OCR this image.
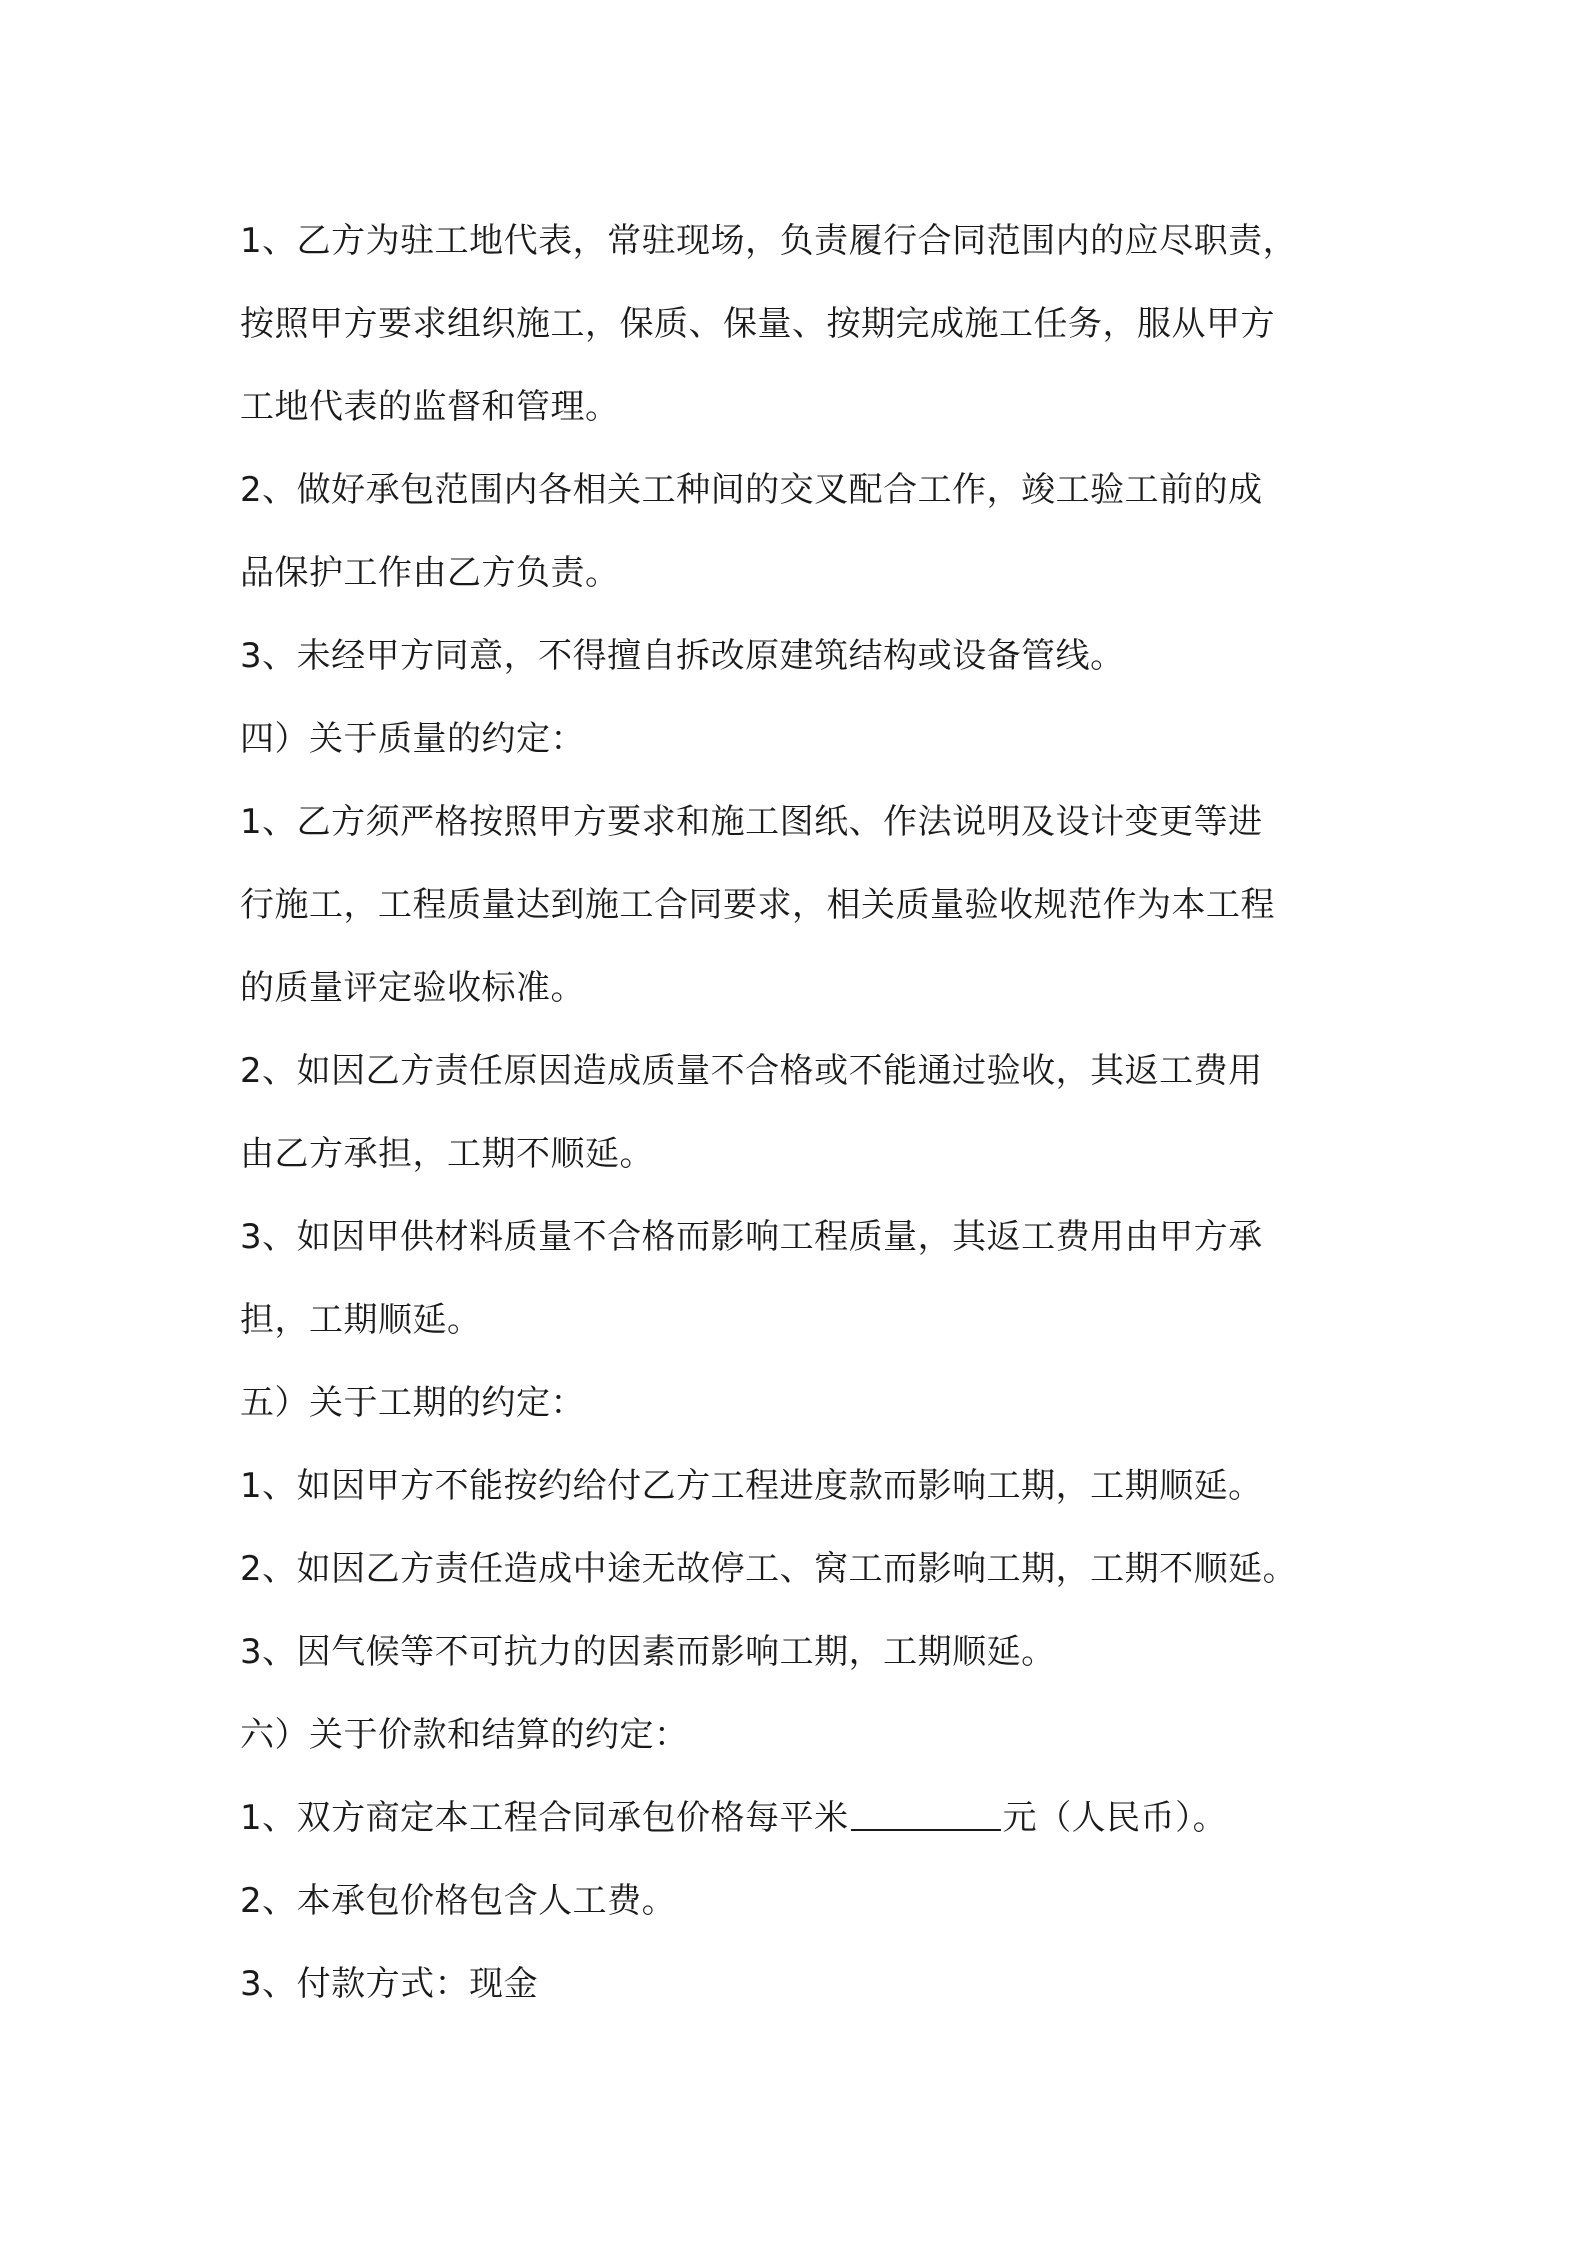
1、乙方为驻工地代表，常驻现场，负责履行合同范围内的应尽职责，
按照甲方要求组织施工，保质、保量、按期完成施工任务，服从甲方
工地代表的监督和管理。
2、做好承包范围内各相关工种间的交叉配合工作，竣工验工前的成
品保护工作由乙方负责。
3、未经甲方同意，不得擅自拆改原建筑结构或设备管线。
四）关于质量的约定：
1、乙方须严格按照甲方要求和施工图纸、作法说明及设计变更等进
行施工，工程质量达到施工合同要求，相关质量验收规范作为本工程
的质量评定验收标准。
2、如因乙方责任原因造成质量不合格或不能通过验收，其返工费用
由乙方承担，工期不顺延。
3、如因甲供材料质量不合格而影响工程质量，其返工费用由甲方承
担，工期顺延。
五）关于工期的约定：
1、如因甲方不能按约给付乙方工程进度款而影响工期，工期顺延。
2、如因乙方责任造成中途无故停工、窝工而影响工期，工期不顺延。
3、因气候等不可抗力的因素而影响工期，工期顺延。
六）关于价款和结算的约定：
1、双方商定本工程合同承包价格每平米	元（人民币）。
2、本承包价格包含人工费。
3、付款方式：现金
